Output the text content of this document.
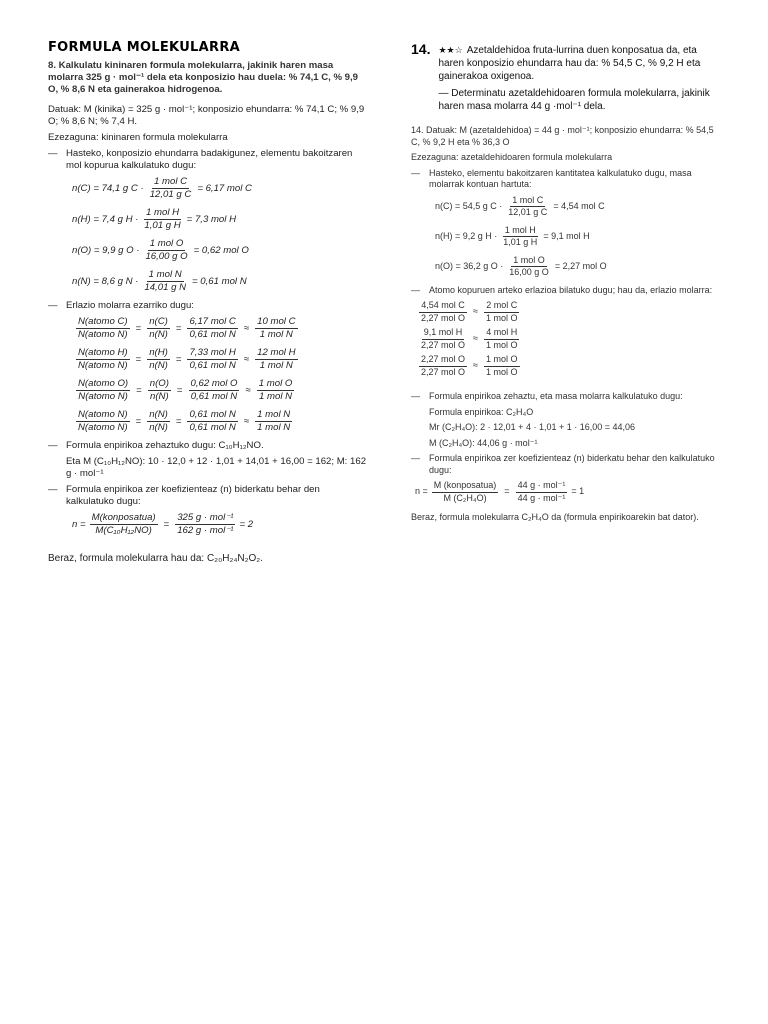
FORMULA MOLEKULARRA
8. Kalkulatu kininaren formula molekularra, jakinik haren masa molarra 325 g · mol⁻¹ dela eta konposizio hau duela: % 74,1 C, % 9,9 O, % 8,6 N eta gainerakoa hidrogenoa.
Datuak: M (kinika) = 325 g · mol⁻¹; konposizio ehundarra: % 74,1 C; % 9,9 O; % 8,6 N; % 7,4 H.
Ezezaguna: kininaren formula molekularra
— Hasteko, konposizio ehundarra badakigunez, elementu bakoitzaren mol kopurua kalkulatuko dugu:
n(C) = 74,1 g $C \cdot \frac{\text{1 mol C}}{\text{12,01 g C}} = 6,17$ mol C
n(H) = 7,4 g $H \cdot \frac{\text{1 mol H}}{\text{1,01 g H}} = 7,3$ mol H
n(O) = 9,9 g $O \cdot \frac{\text{1 mol O}}{\text{16,00 g O}} = 0,62$ mol O
n(N) = 8,6 g $N \cdot \frac{\text{1 mol N}}{\text{14,01 g N}} = 0,61$ mol N
— Erlazio molarra ezarriko dugu:
$\frac{\text{N(atomo C)}}{\text{N(atomo N)}} = \frac{n(C)}{n(N)} = \frac{\text{6,17 mol C}}{\text{0,61 mol N}} \approx \frac{\text{10 mol C}}{\text{1 mol N}}$
$\frac{\text{N(atomo H)}}{\text{N(atomo N)}} = \frac{n(H)}{n(N)} = \frac{\text{7,33 mol H}}{\text{0,61 mol N}} \approx \frac{\text{12 mol H}}{\text{1 mol N}}$
$\frac{\text{N(atomo O)}}{\text{N(atomo N)}} = \frac{n(O)}{n(N)} = \frac{\text{0,62 mol O}}{\text{0,61 mol N}} \approx \frac{\text{1 mol O}}{\text{1 mol N}}$
$\frac{\text{N(atomo N)}}{\text{N(atomo N)}} = \frac{n(N)}{n(N)} = \frac{\text{0,61 mol N}}{\text{0,61 mol N}} \approx \frac{\text{1 mol N}}{\text{1 mol N}}$
— Formula enpirikoa zehaztuko dugu: C₁₀H₁₂NO.
Eta M (C₁₀H₁₂NO): 10 · 12,0 + 12 · 1,01 + 14,01 + 16,00 = 162; M: 162 g · mol⁻¹
— Formula enpirikoa zer koefizienteaz (n) biderkatu behar den kalkulatuko dugu:
$n = \frac{\text{M(konposatua)}}{\text{M(C₁₀H₁₂NO)}} = \frac{\text{325 g · mol⁻¹}}{\text{162 g · mol⁻¹}} = 2$
Beraz, formula molekularra hau da: C₂₀H₂₄N₂O₂.
14. ★★☆ Azetaldehidoa fruta-lurrina duen konposatua da, eta haren konposizio ehundarra hau da: % 54,5 C, % 9,2 H eta gainerakoa oxigenoa.
— Determinatu azetaldehidoaren formula molekularra, jakinik haren masa molarra 44 g ·mol⁻¹ dela.
14. Datuak: M (azetaldehidoa) = 44 g · mol⁻¹; konposizio ehundarra: % 54,5 C, % 9,2 H eta % 36,3 O
Ezezaguna: azetaldehidoaren formula molekularra
—	Hasteko, elementu bakoitzaren kantitatea kalkulatuko dugu, masa molarrak kontuan hartuta:
n(C) = 54,5 g $C \cdot \frac{\text{1 mol C}}{\text{12,01 g C}} = 4,54$ mol C
n(H) = 9,2 g $H \cdot \frac{\text{1 mol H}}{\text{1,01 g H}} = 9,1$ mol H
n(O) = 36,2 g $O \cdot \frac{\text{1 mol O}}{\text{16,00 g O}} = 2,27$ mol O
—	Atomo kopuruen arteko erlazioa bilatuko dugu; hau da, erlazio molarra:
$\frac{\text{4,54 mol C}}{\text{2,27 mol O}} \approx \frac{\text{2 mol C}}{\text{1 mol O}}$
$\frac{\text{9,1 mol H}}{\text{2,27 mol O}} \approx \frac{\text{4 mol H}}{\text{1 mol O}}$
$\frac{\text{2,27 mol O}}{\text{2,27 mol O}} \approx \frac{\text{1 mol O}}{\text{1 mol O}}$
—	Formula enpirikoa zehaztu, eta masa molarra kalkulatuko dugu:
Formula enpirikoa: C₂H₄O
Mr (C₂H₄O): 2 · 12,01 + 4 · 1,01 + 1 · 16,00 = 44,06
M (C₂H₄O): 44,06 g · mol⁻¹
—	Formula enpirikoa zer koefizienteaz (n) biderkatu behar den kalkulatuko dugu:
$n = \frac{\text{M (konposatua)}}{\text{M (C₂H₄O)}} = \frac{\text{44 g · mol⁻¹}}{\text{44 g · mol⁻¹}} = 1$
Beraz, formula molekularra C₂H₄O da (formula enpirikoarekin bat dator).
